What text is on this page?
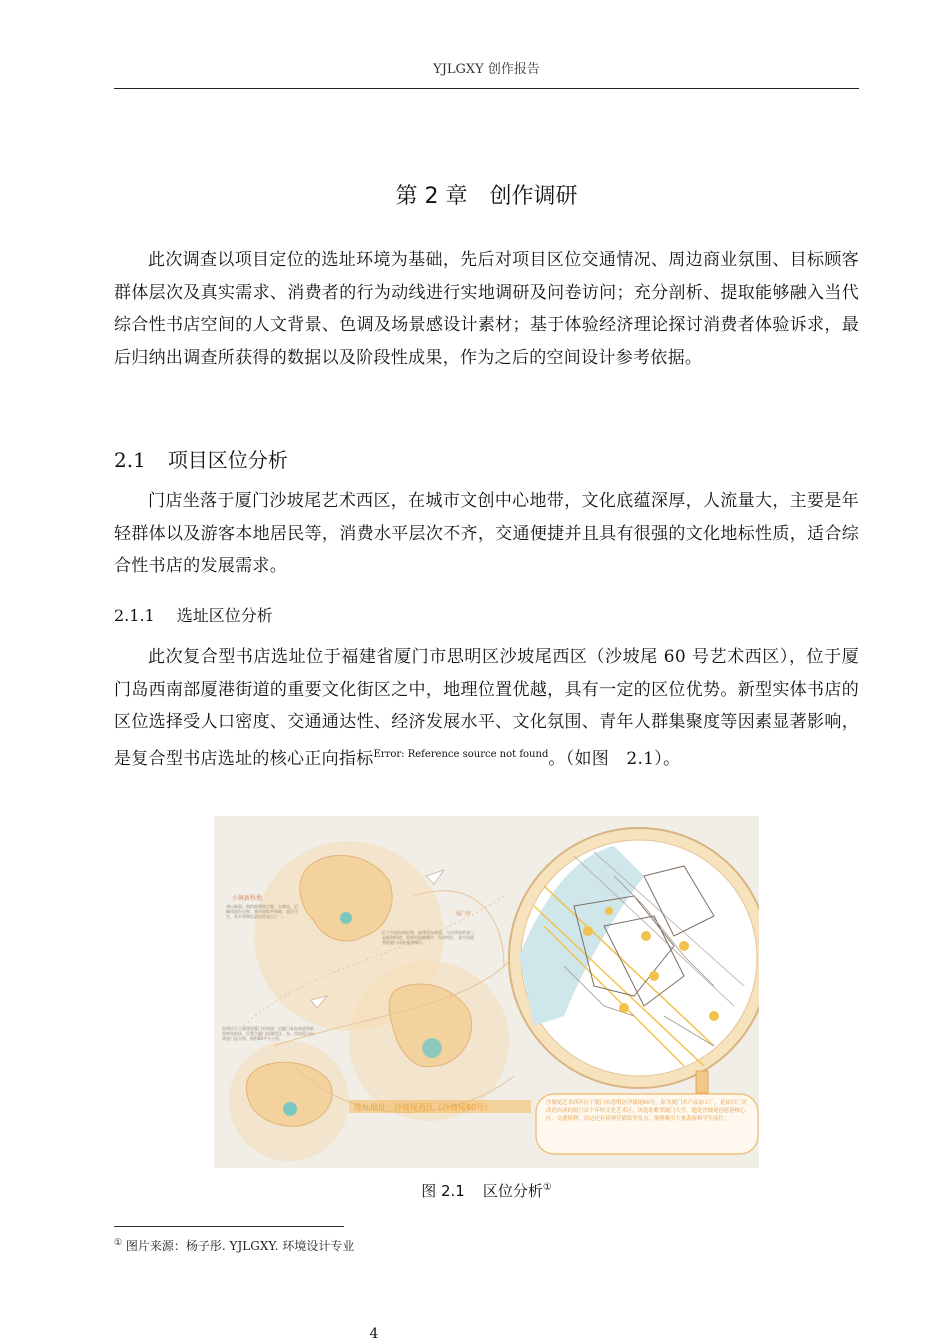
YJLGXY 创作报告
第 2 章　创作调研

此次调查以项目定位的选址环境为基础，先后对项目区位交通情况、周边商业氛围、目标顾客群体层次及真实需求、消费者的行为动线进行实地调研及问卷访问；充分剖析、提取能够融入当代综合性书店空间的人文背景、色调及场景感设计素材；基于体验经济理论探讨消费者体验诉求，最后归纳出调查所获得的数据以及阶段性成果，作为之后的空间设计参考依据。

2.1 项目区位分析

门店坐落于厦门沙坡尾艺术西区，在城市文创中心地带，文化底蕴深厚，人流量大，主要是年轻群体以及游客本地居民等，消费水平层次不齐，交通便捷并且具有很强的文化地标性质，适合综合性书店的发展需求。

2.1.1 选址区位分析

此次复合型书店选址位于福建省厦门市思明区沙坡尾西区（沙坡尾 60 号艺术西区），位于厦门岛西南部厦港街道的重要文化街区之中，地理位置优越，具有一定的区位优势。新型实体书店的区位选择受人口密度、交通通达性、经济发展水平、文化氛围、青年人群集聚度等因素显著影响，是复合型书店选址的核心正向指标$^{Error: Reference source not found}$。（如图　2.1）。

小镇新科地
胡山新晨、简约地理两点集，东港处，后峰线加生启界，基中国家共和地，高层学生，其中事物区最近的各点之一。	厦门市
位于中国东南沿海，福建省东南部，与台湾省的金门县隔海相望，重要的海港城市，经济特区，是中国重要的港口风景旅游城市。
思明区位于福建省厦门市南部，由厦门本岛南部和鼓浪屿岛组成，位置与厦门岛湖里区、东、西南面与台湾金门县为邻，面积84平方公里。
选址地址：沙坡尾西区（沙坡尾60号）	沙坡尾艺术西区位于厦门市思明区沙坡尾60号，原为厦门水产品加工厂，是由旧厂房改造而成的厦门首个年轻文化艺术区。该选址毗邻厦门大学，地处沙坡尾创意港核心区，交通便利，周边还有顶澳仔猫街等景点，能够吸引大量游客和学生前往。
图 2.1 区位分析①
① 图片来源：杨子彤. YJLGXY. 环境设计专业
4
